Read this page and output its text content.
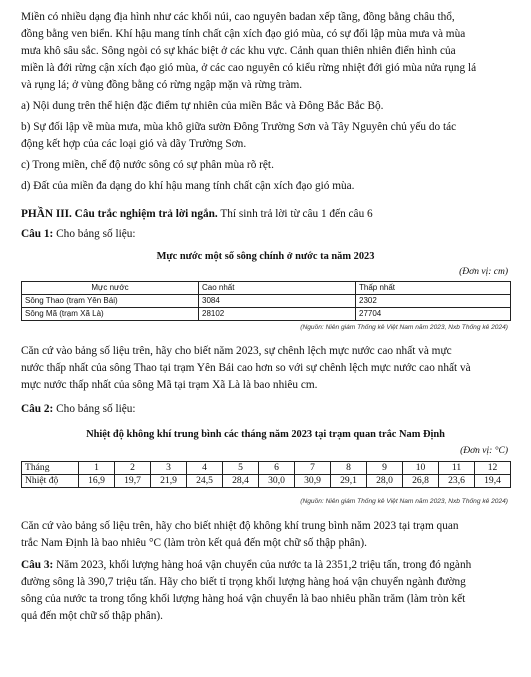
Miền có nhiều dạng địa hình như các khối núi, cao nguyên badan xếp tầng, đồng bằng châu thổ,

đồng bằng ven biển. Khí hậu mang tính chất cận xích đạo gió mùa, có sự đối lập mùa mưa và mùa

mưa khô sâu sắc. Sông ngòi có sự khác biệt ở các khu vực. Cảnh quan thiên nhiên điển hình của

miền là đới rừng cận xích đạo gió mùa, ở các cao nguyên có kiểu rừng nhiệt đới gió mùa nửa rụng lá

và rụng lá; ở vùng đồng bằng có rừng ngập mặn và rừng tràm.

a) Nội dung trên thể hiện đặc điểm tự nhiên của miền Bắc và Đông Bắc Bắc Bộ.

b) Sự đối lập về mùa mưa, mùa khô giữa sườn Đông Trường Sơn và Tây Nguyên chủ yếu do tác

động kết hợp của các loại gió và dãy Trường Sơn.

c) Trong miền, chế độ nước sông có sự phân mùa rõ rệt.

d) Đất của miền đa dạng do khí hậu mang tính chất cận xích đạo gió mùa.

PHẦN III. Câu trắc nghiệm trả lời ngắn. Thí sinh trả lời từ câu 1 đến câu 6

Câu 1: Cho bảng số liệu:

Mực nước một số sông chính ở nước ta năm 2023

(Đơn vị: cm)

Mực nước	Cao nhất	Thấp nhất
Sông Thao (trạm Yên Bái)	3084	2302
Sông Mã (trạm Xã Là)	28102	27704

(Nguồn: Niên giám Thống kê Việt Nam năm 2023, Nxb Thống kê 2024)

Căn cứ vào bảng số liệu trên, hãy cho biết năm 2023, sự chênh lệch mực nước cao nhất và mực

nước thấp nhất của sông Thao tại trạm Yên Bái cao hơn so với sự chênh lệch mực nước cao nhất và

mực nước thấp nhất của sông Mã tại trạm Xã Là là bao nhiêu cm.

Câu 2: Cho bảng số liệu:

Nhiệt độ không khí trung bình các tháng năm 2023 tại trạm quan trắc Nam Định

(Đơn vị: °C)

Tháng	1	2	3	4	5	6	7	8	9	10	11	12
Nhiệt độ	16,9	19,7	21,9	24,5	28,4	30,0	30,9	29,1	28,0	26,8	23,6	19,4

(Nguồn: Niên giám Thống kê Việt Nam năm 2023, Nxb Thống kê 2024)

Căn cứ vào bảng số liệu trên, hãy cho biết nhiệt độ không khí trung bình năm 2023 tại trạm quan

trắc Nam Định là bao nhiêu °C (làm tròn kết quả đến một chữ số thập phân).

Câu 3: Năm 2023, khối lượng hàng hoá vận chuyển của nước ta là 2351,2 triệu tấn, trong đó ngành

đường sông là 390,7 triệu tấn. Hãy cho biết tỉ trọng khối lượng hàng hoá vận chuyển ngành đường

sông của nước ta trong tổng khối lượng hàng hoá vận chuyển là bao nhiêu phần trăm (làm tròn kết

quả đến một chữ số thập phân).
